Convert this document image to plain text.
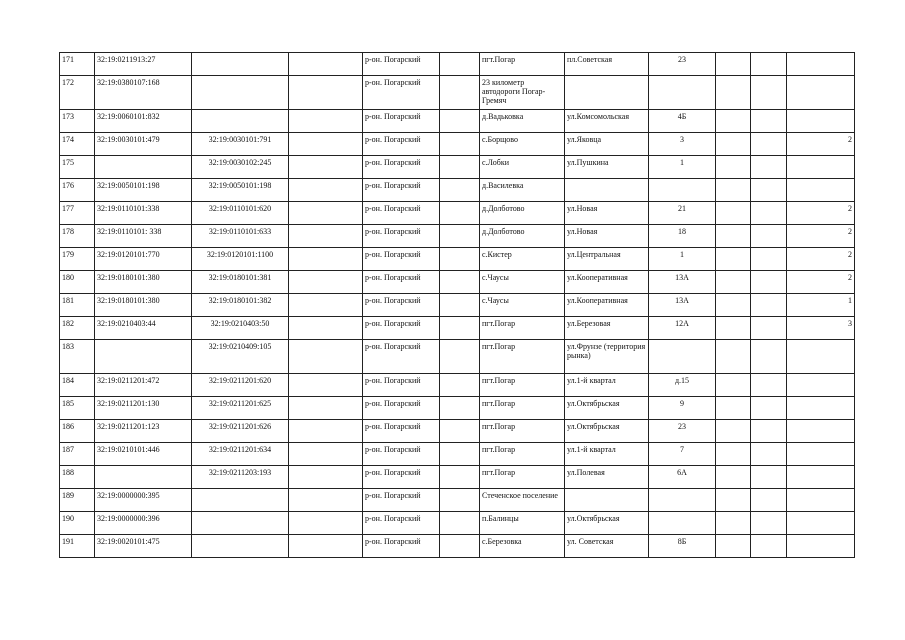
171	32:19:0211913:27			р-он. Погарский		пгт.Погар	пл.Советская	23			
172	32:19:0380107:168			р-он. Погарский		23 километр автодороги Погар-Гремяч					
173	32:19:0060101:832			р-он. Погарский		д.Вадьковка	ул.Комсомольская	4Б			
174	32:19:0030101:479	32:19:0030101:791		р-он. Погарский		с.Борщово	ул.Яковца	3			2
175		32:19:0030102:245		р-он. Погарский		с.Лобки	ул.Пушкина	1			
176	32:19:0050101:198	32:19:0050101:198		р-он. Погарский		д.Василевка					
177	32:19:0110101:338	32:19:0110101:620		р-он. Погарский		д.Долботово	ул.Новая	21			2
178	32:19:0110101: 338	32:19:0110101:633		р-он. Погарский		д.Долботово	ул.Новая	18			2
179	32:19:0120101:770	32:19:0120101:1100		р-он. Погарский		с.Кистер	ул.Центральная	1			2
180	32:19:0180101:380	32:19:0180101:381		р-он. Погарский		с.Чаусы	ул.Кооперативная	13А			2
181	32:19:0180101:380	32:19:0180101:382		р-он. Погарский		с.Чаусы	ул.Кооперативная	13А			1
182	32:19:0210403:44	32:19:0210403:50		р-он. Погарский		пгт.Погар	ул.Березовая	12А			3
183		32:19:0210409:105		р-он. Погарский		пгт.Погар	ул.Фрунзе (территория рынка)				
184	32:19:0211201:472	32:19:0211201:620		р-он. Погарский		пгт.Погар	ул.1-й квартал	д.15			
185	32:19:0211201:130	32:19:0211201:625		р-он. Погарский		пгт.Погар	ул.Октябрьская	9			
186	32:19:0211201:123	32:19:0211201:626		р-он. Погарский		пгт.Погар	ул.Октябрьская	23			
187	32:19:0210101:446	32:19:0211201:634		р-он. Погарский		пгт.Погар	ул.1-й квартал	7			
188		32:19:0211203:193		р-он. Погарский		пгт.Погар	ул.Полевая	6А			
189	32:19:0000000:395			р-он. Погарский		Стеченское поселение					
190	32:19:0000000:396			р-он. Погарский		п.Балинцы	ул.Октябрьская				
191	32:19:0020101:475			р-он. Погарский		с.Березовка	ул. Советская	8Б			
